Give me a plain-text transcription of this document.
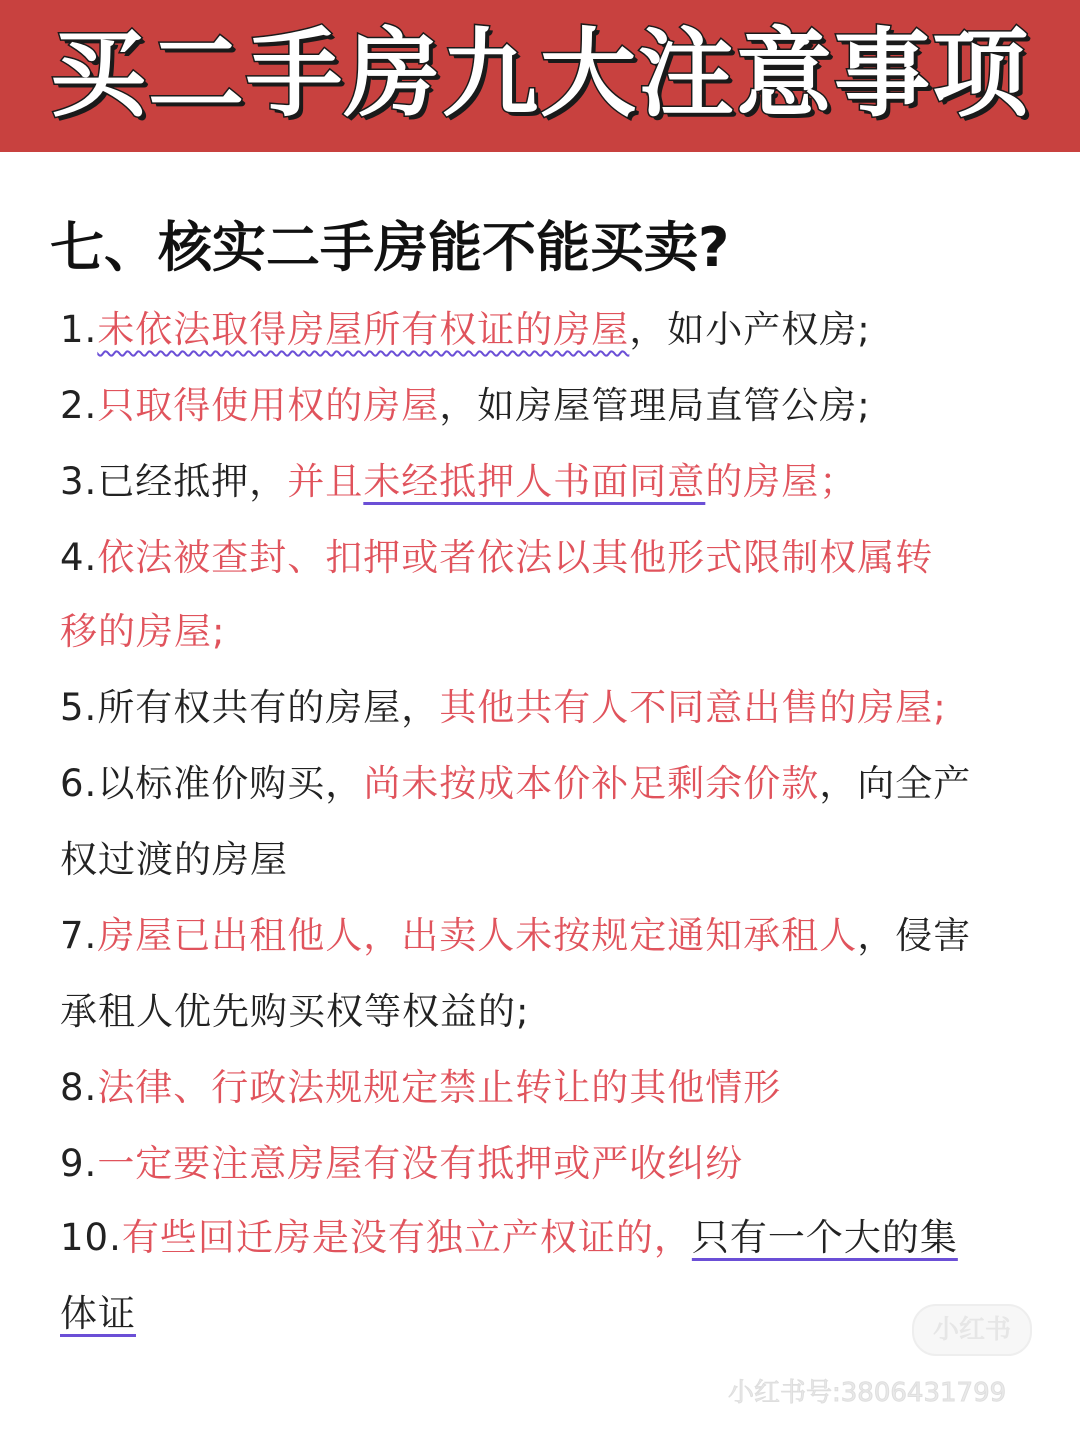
买二手房九大注意事项
七、核实二手房能不能买卖?
1.未依法取得房屋所有权证的房屋，如小产权房;
2.只取得使用权的房屋，如房屋管理局直管公房;
3.已经抵押，并且未经抵押人书面同意的房屋；
4.依法被查封、扣押或者依法以其他形式限制权属转
移的房屋;
5.所有权共有的房屋，其他共有人不同意出售的房屋;
6.以标准价购买，尚未按成本价补足剩余价款，向全产
权过渡的房屋
7.房屋已出租他人，出卖人未按规定通知承租人，侵害
承租人优先购买权等权益的;
8.法律、行政法规规定禁止转让的其他情形
9.一定要注意房屋有没有抵押或严收纠纷
10.有些回迁房是没有独立产权证的，只有一个大的集
体证	小红书
小红书号:3806431799
